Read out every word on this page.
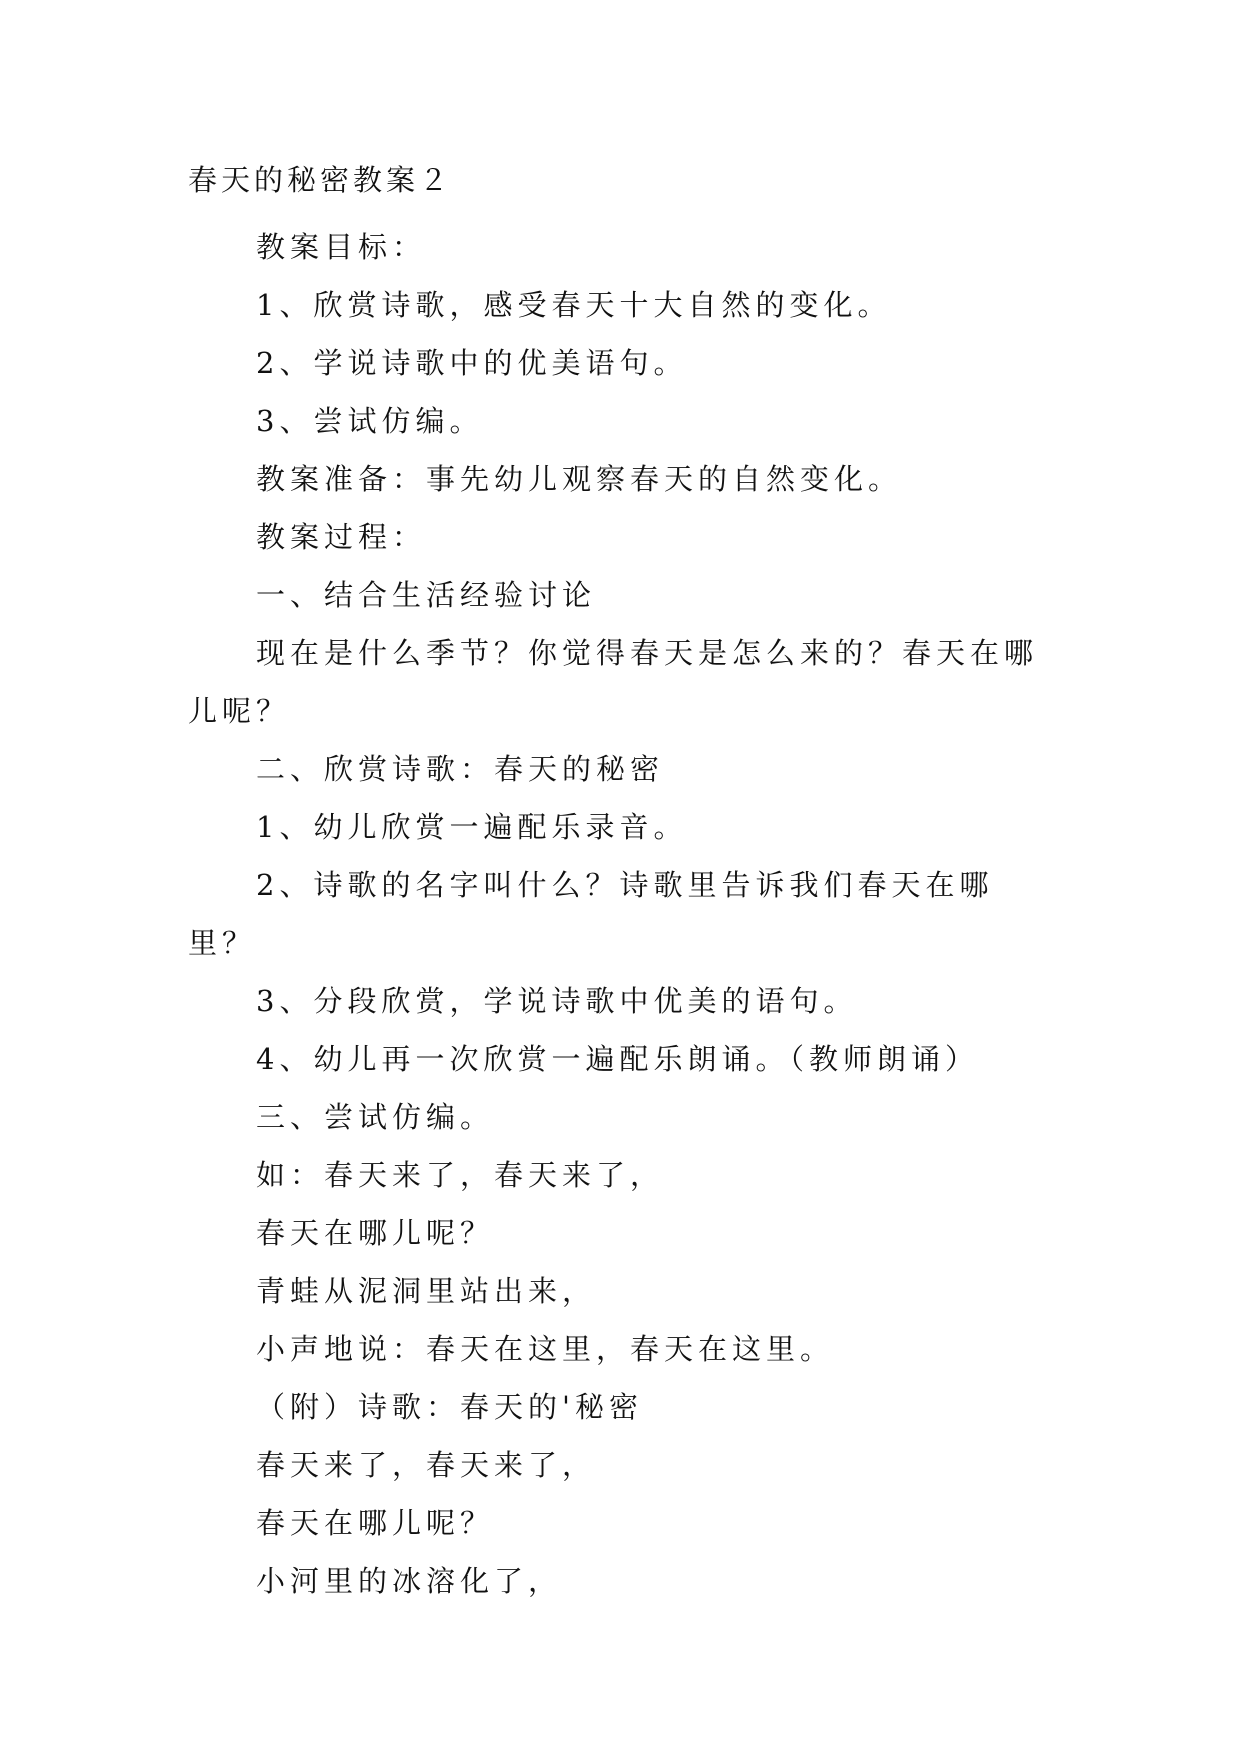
春天的秘密教案２

教案目标：

1、欣赏诗歌，感受春天十大自然的变化。

2、学说诗歌中的优美语句。

3、尝试仿编。

教案准备：事先幼儿观察春天的自然变化。

教案过程：

一、结合生活经验讨论

现在是什么季节？你觉得春天是怎么来的？春天在哪儿呢？

二、欣赏诗歌：春天的秘密

1、幼儿欣赏一遍配乐录音。

2、诗歌的名字叫什么？诗歌里告诉我们春天在哪里？

3、分段欣赏，学说诗歌中优美的语句。

4、幼儿再一次欣赏一遍配乐朗诵。（教师朗诵）

三、尝试仿编。

如：春天来了，春天来了，

春天在哪儿呢？

青蛙从泥洞里站出来，

小声地说：春天在这里，春天在这里。

（附）诗歌：春天的'秘密

春天来了，春天来了，

春天在哪儿呢？

小河里的冰溶化了，
